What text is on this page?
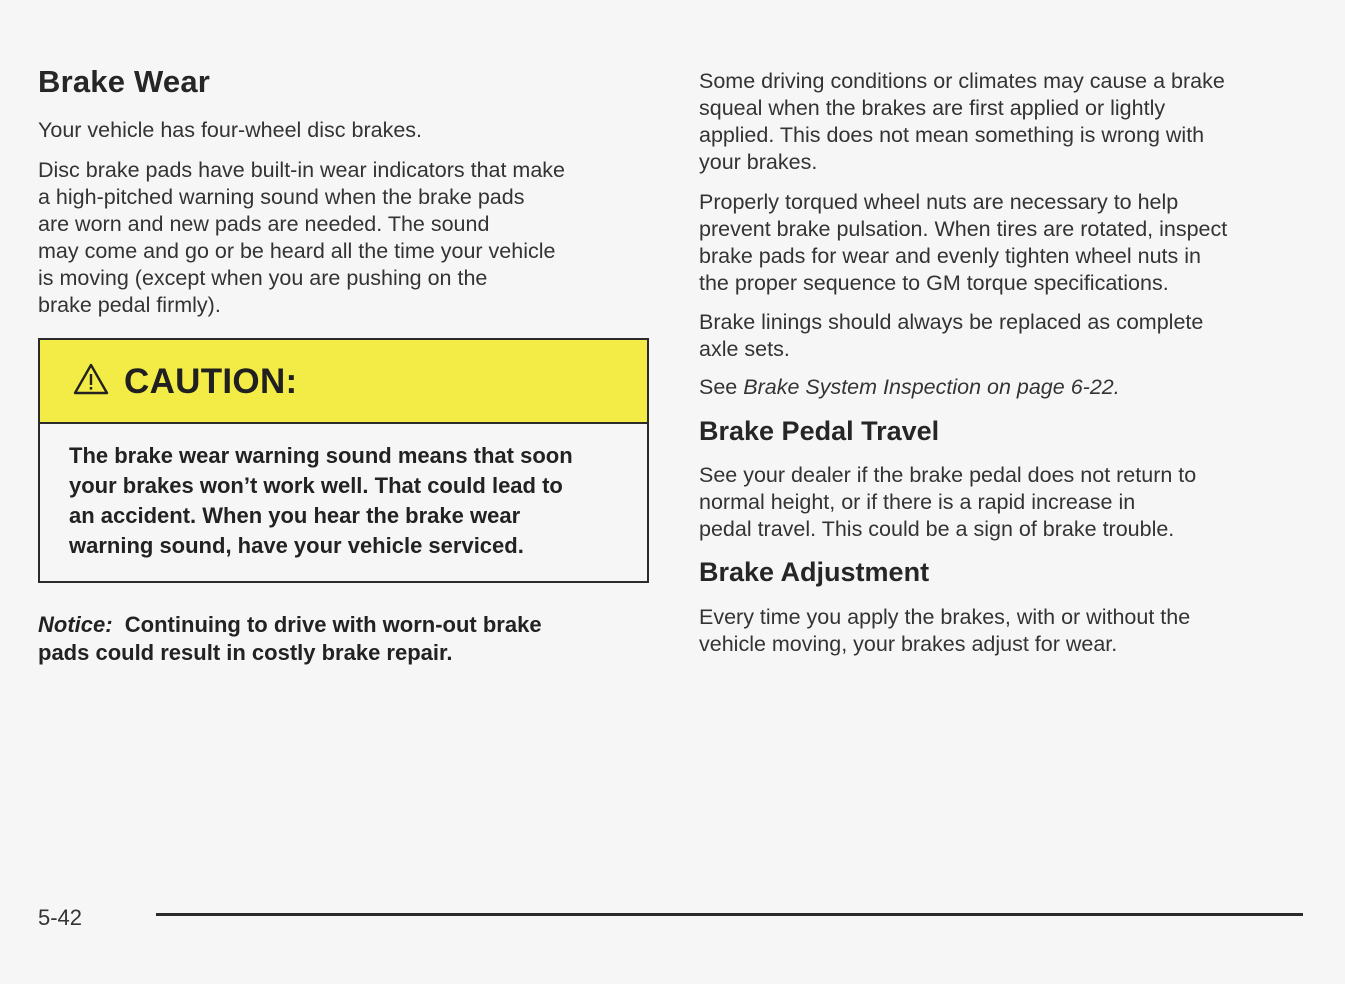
Brake Wear

Your vehicle has four-wheel disc brakes.

Disc brake pads have built-in wear indicators that make

a high-pitched warning sound when the brake pads

are worn and new pads are needed. The sound

may come and go or be heard all the time your vehicle

is moving (except when you are pushing on the

brake pedal firmly).

CAUTION:
The brake wear warning sound means that soon
your brakes won’t work well. That could lead to
an accident. When you hear the brake wear
warning sound, have your vehicle serviced.
Notice: Continuing to drive with worn-out brake
pads could result in costly brake repair.

Some driving conditions or climates may cause a brake

squeal when the brakes are first applied or lightly

applied. This does not mean something is wrong with

your brakes.

Properly torqued wheel nuts are necessary to help

prevent brake pulsation. When tires are rotated, inspect

brake pads for wear and evenly tighten wheel nuts in

the proper sequence to GM torque specifications.

Brake linings should always be replaced as complete

axle sets.

See Brake System Inspection on page 6-22.

Brake Pedal Travel

See your dealer if the brake pedal does not return to

normal height, or if there is a rapid increase in

pedal travel. This could be a sign of brake trouble.

Brake Adjustment

Every time you apply the brakes, with or without the

vehicle moving, your brakes adjust for wear.

5-42
